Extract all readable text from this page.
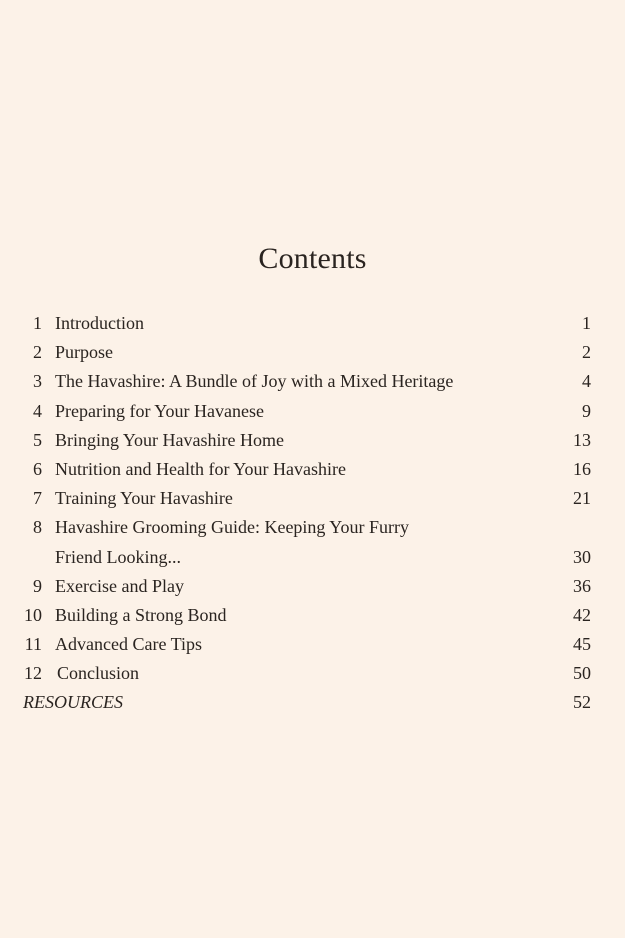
Contents
1 Introduction	1
2 Purpose	2
3 The Havashire: A Bundle of Joy with a Mixed Heritage	4
4 Preparing for Your Havanese	9
5 Bringing Your Havashire Home	13
6 Nutrition and Health for Your Havashire	16
7 Training Your Havashire	21
8 Havashire Grooming Guide: Keeping Your Furry
Friend Looking...	30
9 Exercise and Play	36
10 Building a Strong Bond	42
11 Advanced Care Tips	45
12 Conclusion	50
RESOURCES	52
